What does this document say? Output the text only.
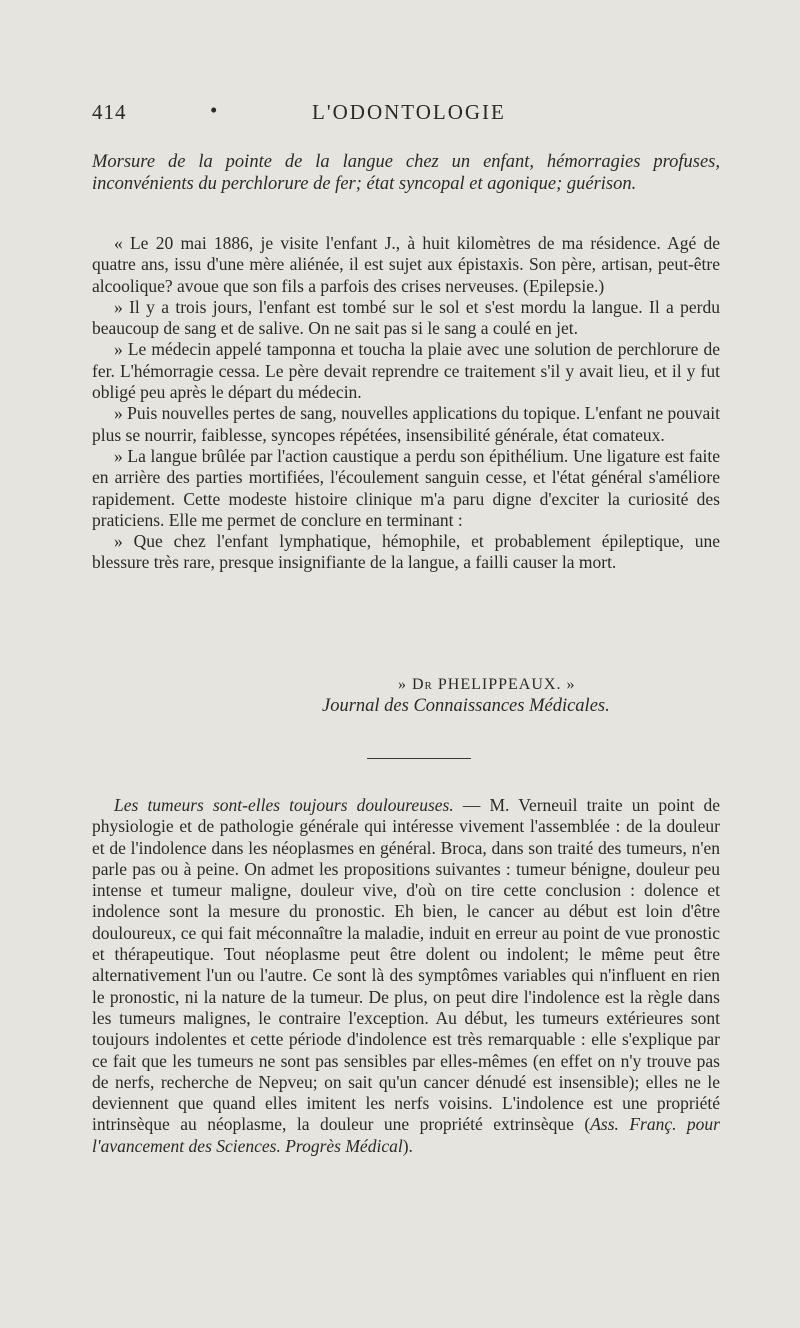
414	•	L'ODONTOLOGIE

Morsure de la pointe de la langue chez un enfant, hémorragies profuses, inconvénients du perchlorure de fer; état syncopal et agonique; guérison.

« Le 20 mai 1886, je visite l'enfant J., à huit kilomètres de ma résidence. Agé de quatre ans, issu d'une mère aliénée, il est sujet aux épistaxis. Son père, artisan, peut-être alcoolique? avoue que son fils a parfois des crises nerveuses. (Epilepsie.)

» Il y a trois jours, l'enfant est tombé sur le sol et s'est mordu la langue. Il a perdu beaucoup de sang et de salive. On ne sait pas si le sang a coulé en jet.

» Le médecin appelé tamponna et toucha la plaie avec une solution de perchlorure de fer. L'hémorragie cessa. Le père devait reprendre ce traitement s'il y avait lieu, et il y fut obligé peu après le départ du médecin.

» Puis nouvelles pertes de sang, nouvelles applications du topique. L'enfant ne pouvait plus se nourrir, faiblesse, syncopes répétées, insensibilité générale, état comateux.

» La langue brûlée par l'action caustique a perdu son épithélium. Une ligature est faite en arrière des parties mortifiées, l'écoulement sanguin cesse, et l'état général s'améliore rapidement. Cette modeste histoire clinique m'a paru digne d'exciter la curiosité des praticiens. Elle me permet de conclure en terminant :

» Que chez l'enfant lymphatique, hémophile, et probablement épileptique, une blessure très rare, presque insignifiante de la langue, a failli causer la mort.

» Dr PHELIPPEAUX. »
Journal des Connaissances Médicales.

Les tumeurs sont-elles toujours douloureuses. — M. Verneuil traite un point de physiologie et de pathologie générale qui intéresse vivement l'assemblée : de la douleur et de l'indolence dans les néoplasmes en général. Broca, dans son traité des tumeurs, n'en parle pas ou à peine. On admet les propositions suivantes : tumeur bénigne, douleur peu intense et tumeur maligne, douleur vive, d'où on tire cette conclusion : dolence et indolence sont la mesure du pronostic. Eh bien, le cancer au début est loin d'être douloureux, ce qui fait méconnaître la maladie, induit en erreur au point de vue pronostic et thérapeutique. Tout néoplasme peut être dolent ou indolent; le même peut être alternativement l'un ou l'autre. Ce sont là des symptômes variables qui n'influent en rien le pronostic, ni la nature de la tumeur. De plus, on peut dire l'indolence est la règle dans les tumeurs malignes, le contraire l'exception. Au début, les tumeurs extérieures sont toujours indolentes et cette période d'indolence est très remarquable : elle s'explique par ce fait que les tumeurs ne sont pas sensibles par elles-mêmes (en effet on n'y trouve pas de nerfs, recherche de Nepveu; on sait qu'un cancer dénudé est insensible); elles ne le deviennent que quand elles imitent les nerfs voisins. L'indolence est une propriété intrinsèque au néoplasme, la douleur une propriété extrinsèque (Ass. Franç. pour l'avancement des Sciences. Progrès Médical).
